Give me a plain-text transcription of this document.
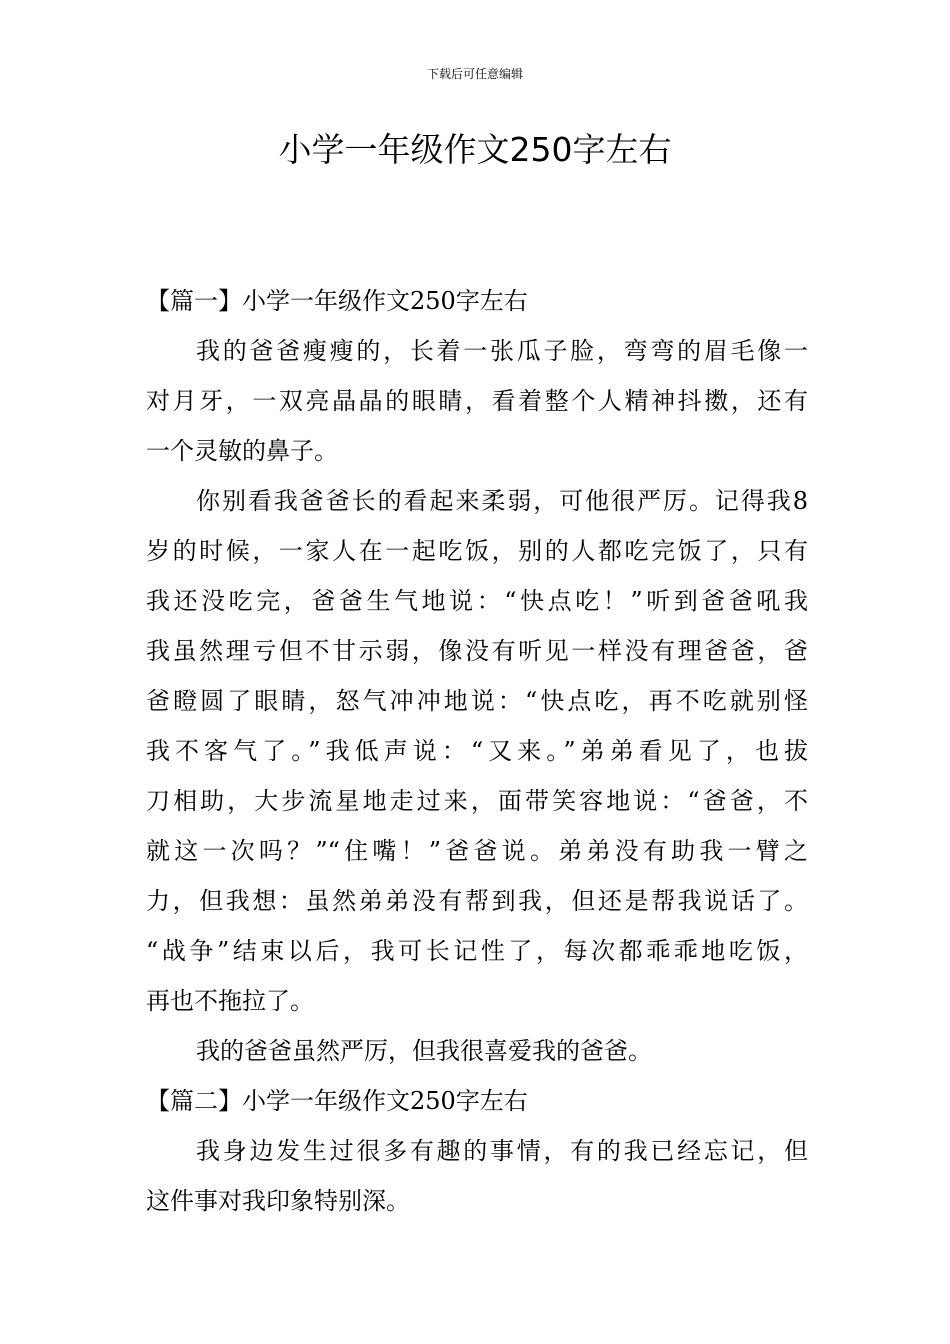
下载后可任意编辑
小学一年级作文250字左右
【篇一】小学一年级作文250字左右
我的爸爸瘦瘦的，长着一张瓜子脸，弯弯的眉毛像一
对月牙，一双亮晶晶的眼睛，看着整个人精神抖擞，还有
一个灵敏的鼻子。
你别看我爸爸长的看起来柔弱，可他很严厉。记得我8
岁的时候，一家人在一起吃饭，别的人都吃完饭了，只有
我还没吃完，爸爸生气地说：“快点吃！”听到爸爸吼我
我虽然理亏但不甘示弱，像没有听见一样没有理爸爸，爸
爸瞪圆了眼睛，怒气冲冲地说：“快点吃，再不吃就别怪
我不客气了。”我低声说：“又来。”弟弟看见了，也拔
刀相助，大步流星地走过来，面带笑容地说：“爸爸，不
就这一次吗？”“住嘴！”爸爸说。弟弟没有助我一臂之
力，但我想：虽然弟弟没有帮到我，但还是帮我说话了。
“战争”结束以后，我可长记性了，每次都乖乖地吃饭，
再也不拖拉了。
我的爸爸虽然严厉，但我很喜爱我的爸爸。
【篇二】小学一年级作文250字左右
我身边发生过很多有趣的事情，有的我已经忘记，但
这件事对我印象特别深。
